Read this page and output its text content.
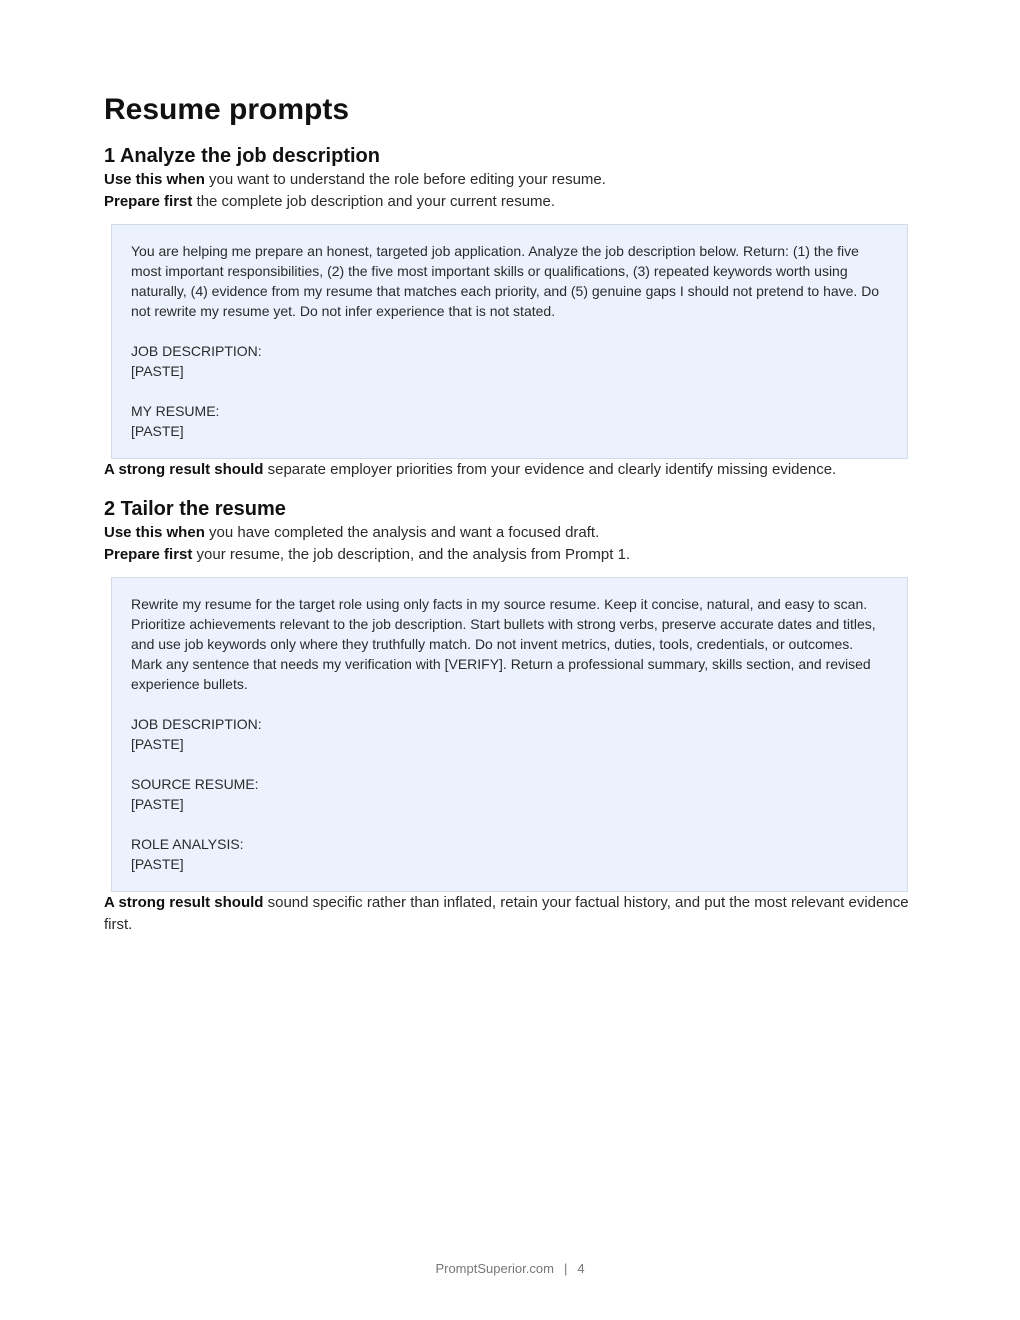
Resume prompts
1 Analyze the job description

Use this when you want to understand the role before editing your resume.

Prepare first the complete job description and your current resume.

You are helping me prepare an honest, targeted job application. Analyze the job description below. Return: (1) the five most important responsibilities, (2) the five most important skills or qualifications, (3) repeated keywords worth using naturally, (4) evidence from my resume that matches each priority, and (5) genuine gaps I should not pretend to have. Do not rewrite my resume yet. Do not infer experience that is not stated.
JOB DESCRIPTION:
[PASTE]
MY RESUME:
[PASTE]

A strong result should separate employer priorities from your evidence and clearly identify missing evidence.

2 Tailor the resume

Use this when you have completed the analysis and want a focused draft.

Prepare first your resume, the job description, and the analysis from Prompt 1.

Rewrite my resume for the target role using only facts in my source resume. Keep it concise, natural, and easy to scan. Prioritize achievements relevant to the job description. Start bullets with strong verbs, preserve accurate dates and titles, and use job keywords only where they truthfully match. Do not invent metrics, duties, tools, credentials, or outcomes. Mark any sentence that needs my verification with [VERIFY]. Return a professional summary, skills section, and revised experience bullets.
JOB DESCRIPTION:
[PASTE]
SOURCE RESUME:
[PASTE]
ROLE ANALYSIS:
[PASTE]

A strong result should sound specific rather than inflated, retain your factual history, and put the most relevant evidence first.

PromptSuperior.com | 4
